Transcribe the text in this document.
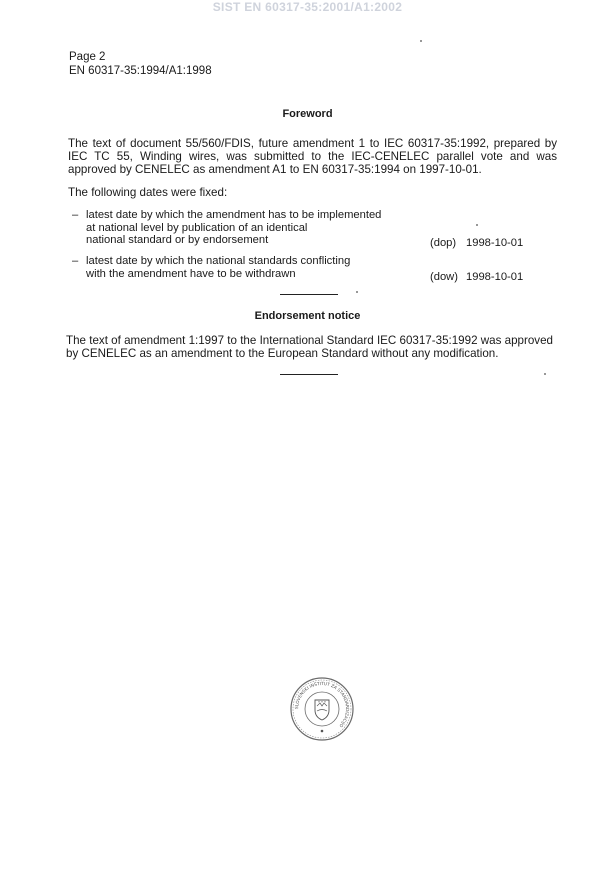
SIST EN 60317-35:2001/A1:2002
Page 2
EN 60317-35:1994/A1:1998
Foreword
The text of document 55/560/FDIS, future amendment 1 to IEC 60317-35:1992, prepared by IEC TC 55, Winding wires, was submitted to the IEC-CENELEC parallel vote and was approved by CENELEC as amendment A1 to EN 60317-35:1994 on 1997-10-01.
The following dates were fixed:
– latest date by which the amendment has to be implemented
at national level by publication of an identical
national standard or by endorsement	(dop) 1998-10-01
– latest date by which the national standards conflicting
with the amendment have to be withdrawn	(dow) 1998-10-01
Endorsement notice
The text of amendment 1:1997 to the International Standard IEC 60317-35:1992 was approved by CENELEC as an amendment to the European Standard without any modification.
SLOVENSKI INŠTITUT ZA STANDARDIZACIJO
